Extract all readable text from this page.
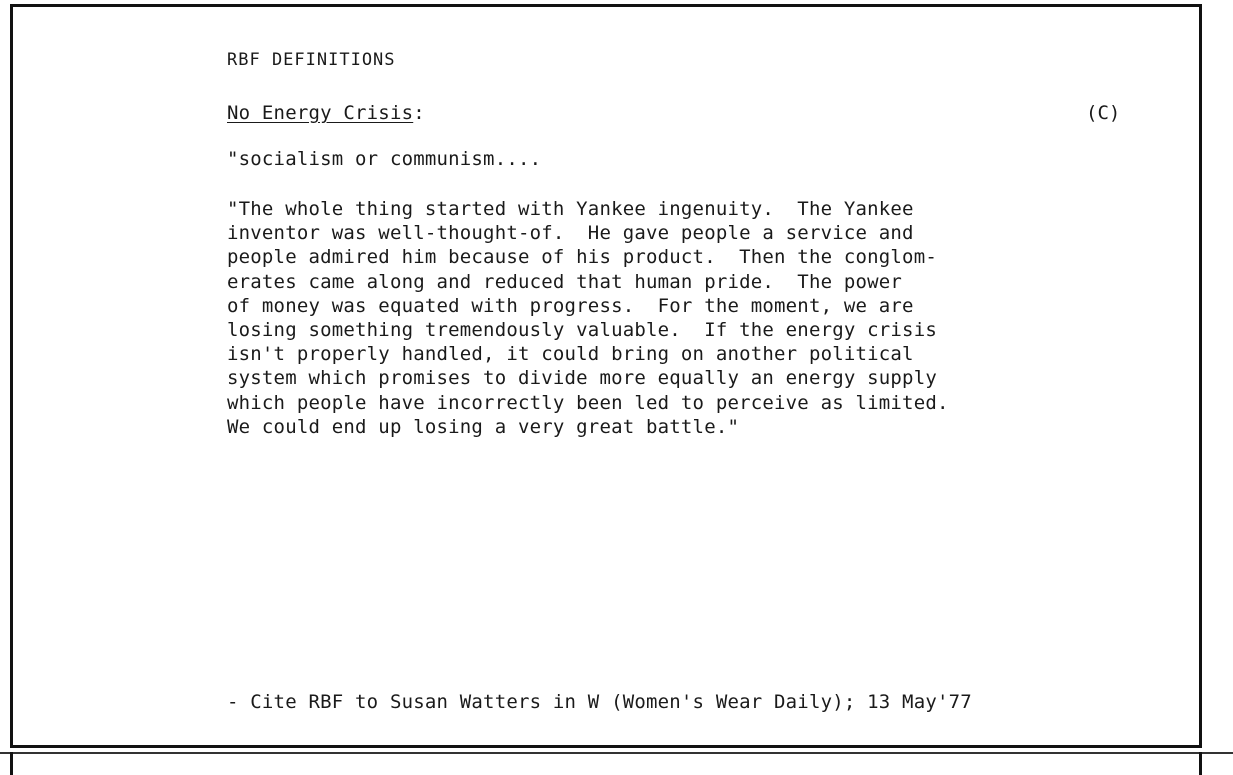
RBF DEFINITIONS
No Energy Crisis:	(C)
"socialism or communism....
"The whole thing started with Yankee ingenuity.  The Yankee
inventor was well-thought-of.  He gave people a service and
people admired him because of his product.  Then the conglom-
erates came along and reduced that human pride.  The power
of money was equated with progress.  For the moment, we are
losing something tremendously valuable.  If the energy crisis
isn't properly handled, it could bring on another political
system which promises to divide more equally an energy supply
which people have incorrectly been led to perceive as limited.
We could end up losing a very great battle."
- Cite RBF to Susan Watters in W (Women's Wear Daily); 13 May'77
